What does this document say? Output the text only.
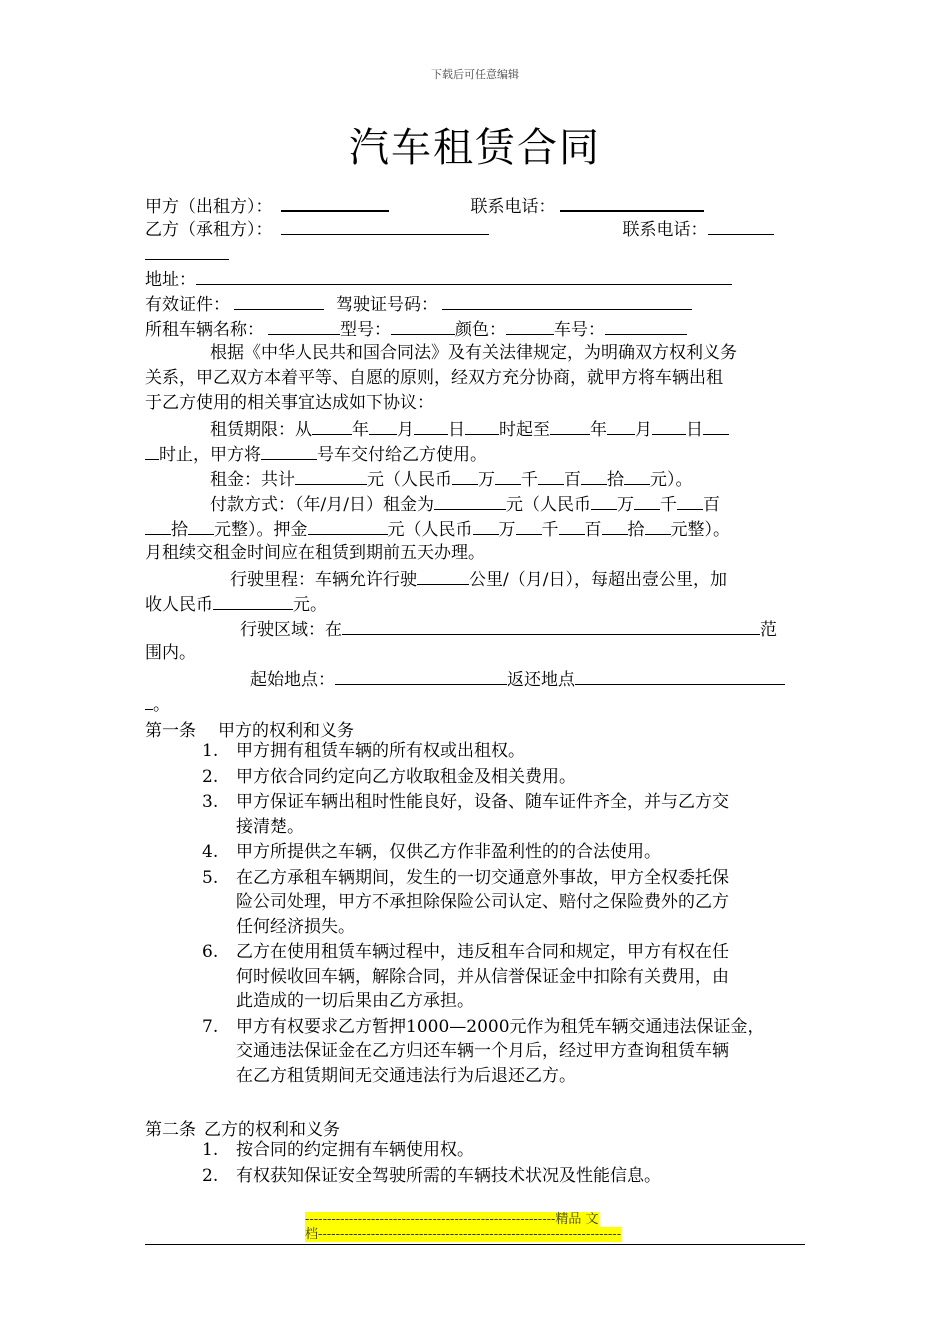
下载后可任意编辑
汽车租赁合同
甲方（出租方）：	联系电话：
乙方（承租方）：	联系电话：
地址：
有效证件：	驾驶证号码：
所租车辆名称：	型号：	颜色：	车号：
根据《中华人民共和国合同法》及有关法律规定，为明确双方权利义务
关系，甲乙双方本着平等、自愿的原则，经双方充分协商，就甲方将车辆出租
于乙方使用的相关事宜达成如下协议：
租赁期限：从 年 月 日 时起至 年 月 日
时止，甲方将	号车交付给乙方使用。
租金：共计	元（人民币 万 千 百 拾 元）。
付款方式：（年/月/日）租金为	元（人民币 万 千 百
拾 元整）。押金	元（人民币 万 千 百 拾 元整）。
月租续交租金时间应在租赁到期前五天办理。
行驶里程：车辆允许行驶	公里/（月/日），每超出壹公里，加
收人民币	元。
行驶区域：在	范
围内。
起始地点：	返还地点
。
第一条 甲方的权利和义务
1. 甲方拥有租赁车辆的所有权或出租权。
2. 甲方依合同约定向乙方收取租金及相关费用。
3. 甲方保证车辆出租时性能良好，设备、随车证件齐全，并与乙方交
接清楚。
4. 甲方所提供之车辆，仅供乙方作非盈利性的的合法使用。
5. 在乙方承租车辆期间，发生的一切交通意外事故，甲方全权委托保
险公司处理，甲方不承担除保险公司认定、赔付之保险费外的乙方
任何经济损失。
6. 乙方在使用租赁车辆过程中，违反租车合同和规定，甲方有权在任
何时候收回车辆，解除合同，并从信誉保证金中扣除有关费用，由
此造成的一切后果由乙方承担。
7. 甲方有权要求乙方暂押1000—2000元作为租凭车辆交通违法保证金，
交通违法保证金在乙方归还车辆一个月后，经过甲方查询租赁车辆
在乙方租赁期间无交通违法行为后退还乙方。
第二条 乙方的权利和义务
1. 按合同的约定拥有车辆使用权。
2. 有权获知保证安全驾驶所需的车辆技术状况及性能信息。
---------------------------------------------------------精品 文
档---------------------------------------------------------------------
